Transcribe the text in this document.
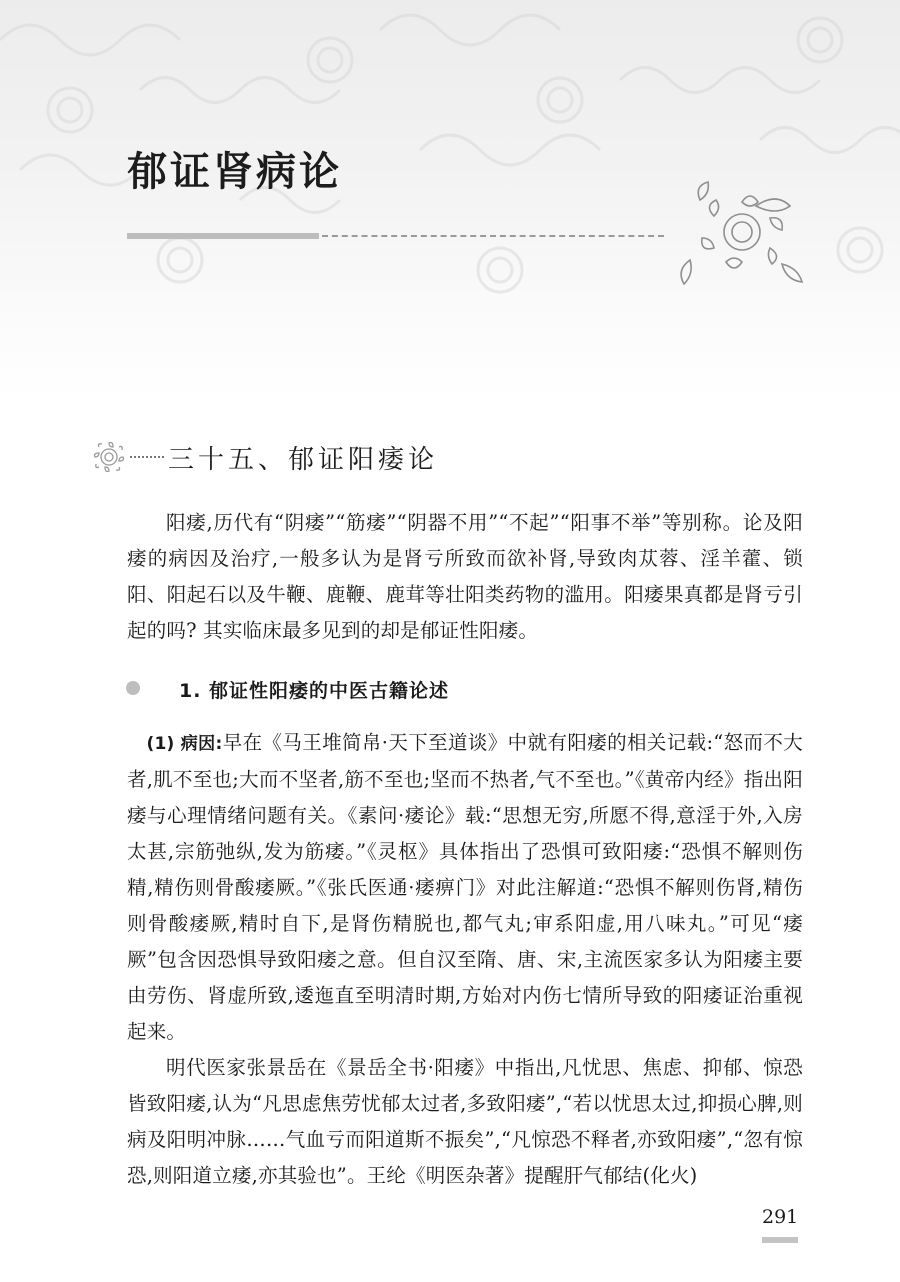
郁证肾病论
三十五、郁证阳痿论

阳痿,历代有“阴痿”“筋痿”“阴器不用”“不起”“阳事不举”等别称。论及阳痿的病因及治疗,一般多认为是肾亏所致而欲补肾,导致肉苁蓉、淫羊藿、锁阳、阳起石以及牛鞭、鹿鞭、鹿茸等壮阳类药物的滥用。阳痿果真都是肾亏引起的吗? 其实临床最多见到的却是郁证性阳痿。

1. 郁证性阳痿的中医古籍论述

(1) 病因:早在《马王堆简帛·天下至道谈》中就有阳痿的相关记载:“怒而不大者,肌不至也;大而不坚者,筋不至也;坚而不热者,气不至也。”《黄帝内经》指出阳痿与心理情绪问题有关。《素问·痿论》载:“思想无穷,所愿不得,意淫于外,入房太甚,宗筋弛纵,发为筋痿。”《灵枢》具体指出了恐惧可致阳痿:“恐惧不解则伤精,精伤则骨酸痿厥。”《张氏医通·痿痹门》对此注解道:“恐惧不解则伤肾,精伤则骨酸痿厥,精时自下,是肾伤精脱也,都气丸;审系阳虚,用八味丸。”可见“痿厥”包含因恐惧导致阳痿之意。但自汉至隋、唐、宋,主流医家多认为阳痿主要由劳伤、肾虚所致,逶迤直至明清时期,方始对内伤七情所导致的阳痿证治重视起来。

明代医家张景岳在《景岳全书·阳痿》中指出,凡忧思、焦虑、抑郁、惊恐皆致阳痿,认为“凡思虑焦劳忧郁太过者,多致阳痿”,“若以忧思太过,抑损心脾,则病及阳明冲脉……气血亏而阳道斯不振矣”,“凡惊恐不释者,亦致阳痿”,“忽有惊恐,则阳道立痿,亦其验也”。王纶《明医杂著》提醒肝气郁结(化火)

291
